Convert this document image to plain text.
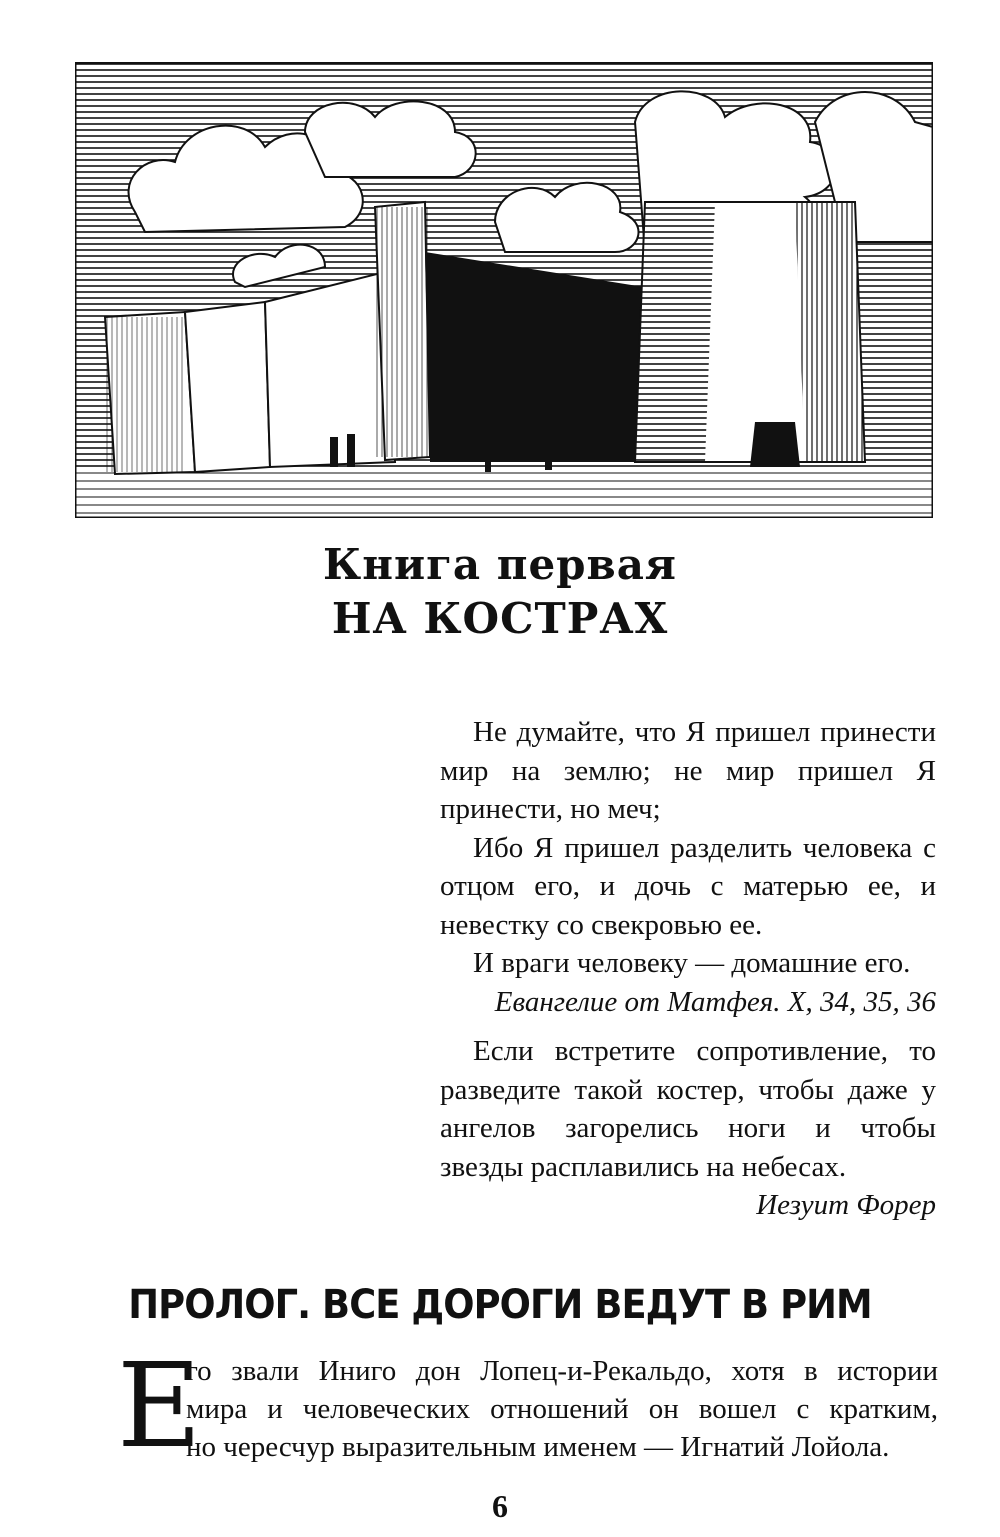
Книга первая
НА КОСТРАХ

Не думайте, что Я пришел принести мир на землю; не мир пришел Я принести, но меч;

Ибо Я пришел разделить человека с отцом его, и дочь с матерью ее, и невестку со свекровью ее.

И враги человеку — домашние его.

Евангелие от Матфея. X, 34, 35, 36

Если встретите сопротивление, то разведите такой костер, чтобы даже у ангелов загорелись ноги и чтобы звезды расплавились на небесах.

Иезуит Форер

ПРОЛОГ. ВСЕ ДОРОГИ ВЕДУТ В РИМ
Е
го звали Иниго дон Лопец-и-Рекальдо, хотя в истории
мира и человеческих отношений он вошел с кратким,
но чересчур выразительным именем — Игнатий Лойола.
6
